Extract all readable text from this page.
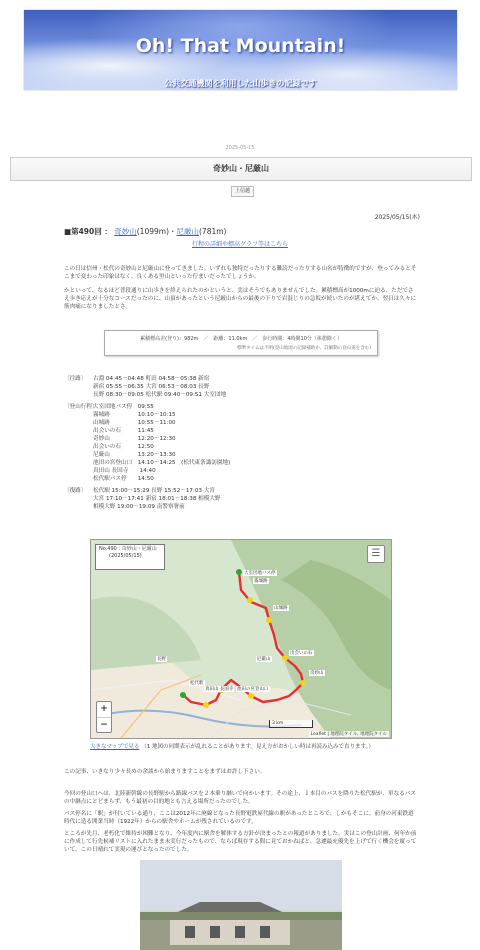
Oh! That Mountain!
公共交通機関を利用した山歩きの記録です
2025-05-15
奇妙山・尼厳山
上信越
2025/05/15(木)
■第490回 ： 奇妙山(1099m)・尼厳山(781m)
行程の詳細や標高グラフ等はこちら
この日は信州・松代の奇妙山と尼厳山に登ってきました。いずれも独特だったりする難読だったりする山名が特徴的ですが、登ってみるとそこまで変わった印象はなく、良くある里山といった佇まいだったでしょうか。
かといって、なるほど普段通りに山歩きを終えられたのかというと、実はそうでもありませんでした。累積標高が1000mに迫る、ただでさえ歩き応えが十分なコースだったのに、山頂があったという尼厳山からの最後の下りで岩混じりの急坂が続いたのが堪えてか、翌日は久々に筋肉痛になりましたとさ。
累積標高差(登り)：982m　／　距離：11.0km　／　歩行時間：4時間10分（休憩除く）
標準タイムは不明(登山地図の記録補助か。詳細動の登山道を含む)
〔往路〕 古淵 04:45－04:48 町田 04:58－05:38 新宿
新宿 05:55－06:35 大宮 06:53－08:03 長野
長野 08:30－09:05 松代駅 09:40－09:51 大室団地
〔登山行程〕
大室団地バス停　09:55
霧城跡　　　　　10:10－10:15
山城跡　　　　　10:55－11:00
出会いの石　　　11:45
奇妙山　　　　　12:20－12:30
出会いの石　　　12:50
尼厳山　　　　　13:20－13:30
池田の宮登山口　14:10－14:25　(松代東条諏訪園地)
真田山 長国寺　　14:40
松代駅バス停　　14:50
〔復路〕 松代駅 15:00－15:29 長野 15:52－17:03 大宮
大宮 17:10－17:41 新宿 18:01－18:38 相模大野
相模大野 19:00－19:09 南警察署前
大室団地バス停
霧城跡
山城跡
出会いの石
奇妙山
尼厳山
池田の宮登山口
真田山 長国寺
松代駅
長野
No.490 : 奇妙山・尼厳山
(2025/05/15)	☰
+
−	3 km
Leaflet | 地理院タイル, 地理院タイル
大きなマップで見る （1 地図の同期表示が乱れることがあります。見え方がおかしい時は再読み込みで直ります。）
この記事、いきなり少々長めの余談から始まりますことをまずはお許し下さい。
今回の登山口へは、北陸新幹線の長野駅から路線バスを２本乗り継いで向かいます。その途上、１本目のバスを降りた松代駅が、単なるバスの中継点にとどまらず、もう最初の目的地とも言える場所だったのでした。
バス停名に「駅」が付いている通り、ここは2012年に廃線となった長野電鉄屋代線の駅があったところで、しかもそこに、前身の河東鉄道時代に造る開業当時（1922年）からの駅舎やホームが残されているのです。
ところが先月、老朽化で維持が困難となり、今年度内に駅舎を解体する方針が決まったとの報道がありました。実はこの登山計画、何年か前に作成して行先候補リストに入れたまま未実行だったもので、ならば現存する間に見ておかねばと、急遽最充優先を上げて行く機会を窺っていて、この日晴れて実現の運びとなったのでした。
